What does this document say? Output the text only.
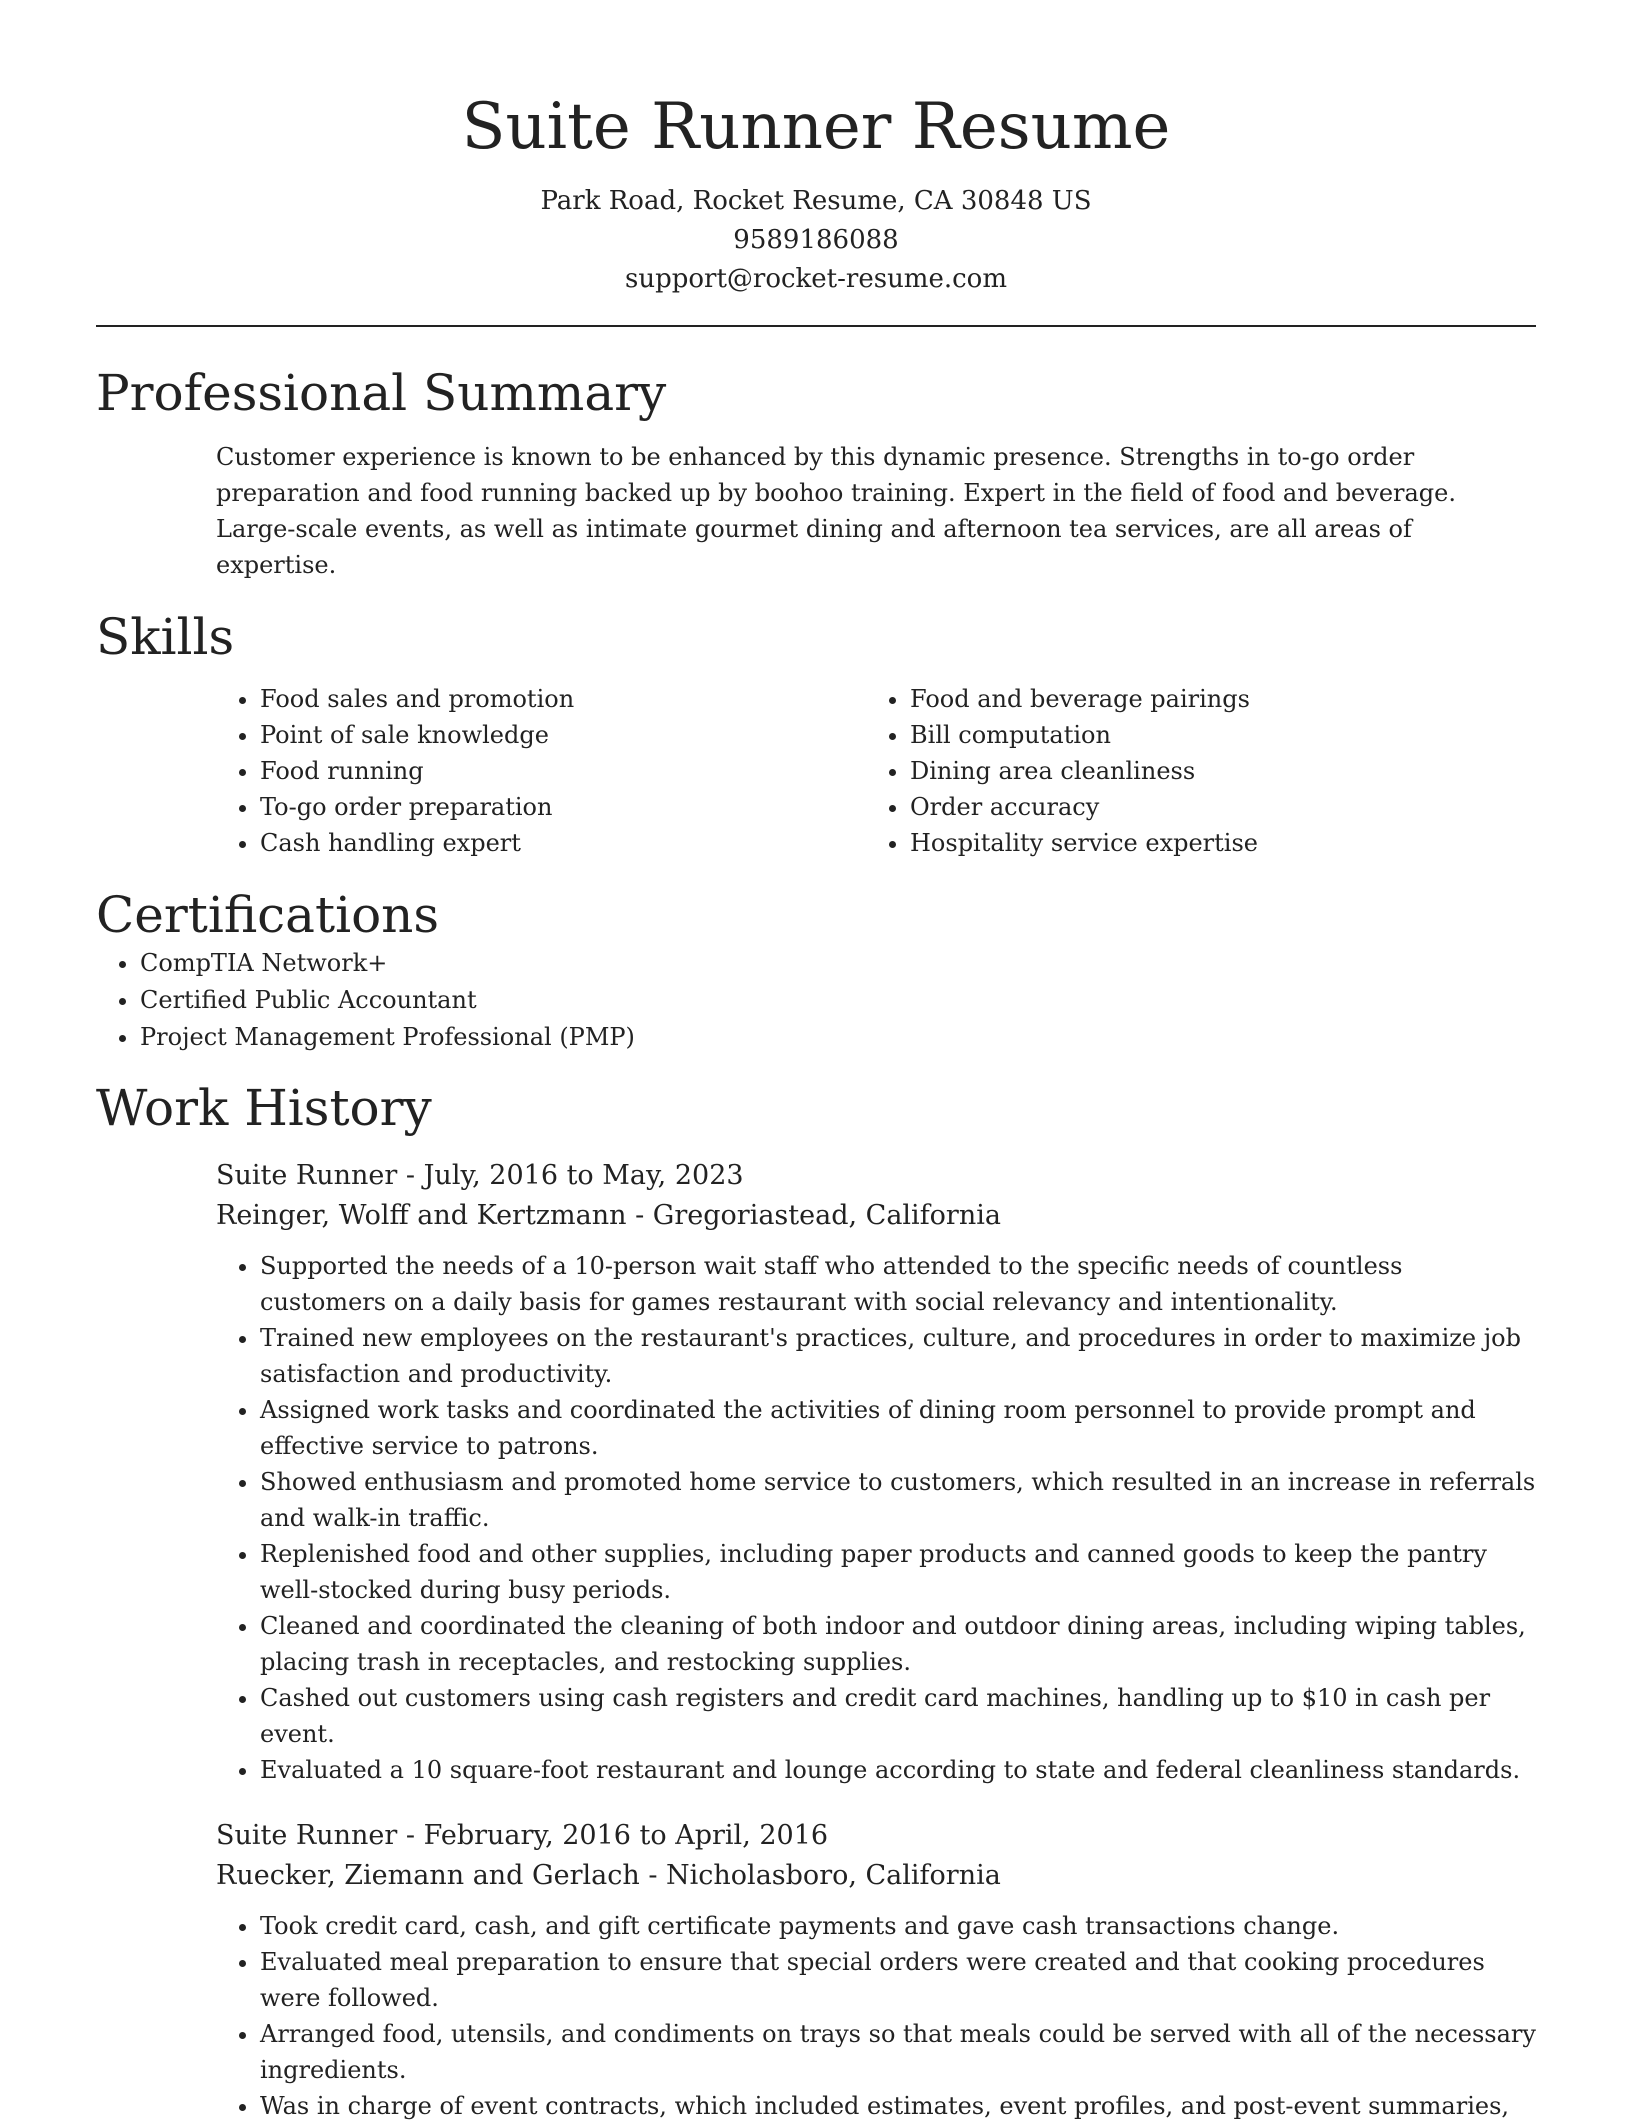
Suite Runner Resume
Park Road, Rocket Resume, CA 30848 US
9589186088
support@rocket-resume.com
Professional Summary

Customer experience is known to be enhanced by this dynamic presence. Strengths in to-go order preparation and food running backed up by boohoo training. Expert in the field of food and beverage. Large-scale events, as well as intimate gourmet dining and afternoon tea services, are all areas of expertise.

Skills
• Food sales and promotion
• Point of sale knowledge
• Food running
• To-go order preparation
• Cash handling expert
• Food and beverage pairings
• Bill computation
• Dining area cleanliness
• Order accuracy
• Hospitality service expertise
Certifications
• CompTIA Network+
• Certified Public Accountant
• Project Management Professional (PMP)
Work History
Suite Runner - July, 2016 to May, 2023
Reinger, Wolff and Kertzmann - Gregoriastead, California
• Supported the needs of a 10-person wait staff who attended to the specific needs of countless customers on a daily basis for games restaurant with social relevancy and intentionality.
• Trained new employees on the restaurant's practices, culture, and procedures in order to maximize job satisfaction and productivity.
• Assigned work tasks and coordinated the activities of dining room personnel to provide prompt and effective service to patrons.
• Showed enthusiasm and promoted home service to customers, which resulted in an increase in referrals and walk-in traffic.
• Replenished food and other supplies, including paper products and canned goods to keep the pantry well-stocked during busy periods.
• Cleaned and coordinated the cleaning of both indoor and outdoor dining areas, including wiping tables, placing trash in receptacles, and restocking supplies.
• Cashed out customers using cash registers and credit card machines, handling up to $10 in cash per event.
• Evaluated a 10 square-foot restaurant and lounge according to state and federal cleanliness standards.
Suite Runner - February, 2016 to April, 2016
Ruecker, Ziemann and Gerlach - Nicholasboro, California
• Took credit card, cash, and gift certificate payments and gave cash transactions change.
• Evaluated meal preparation to ensure that special orders were created and that cooking procedures were followed.
• Arranged food, utensils, and condiments on trays so that meals could be served with all of the necessary ingredients.
• Was in charge of event contracts, which included estimates, event profiles, and post-event summaries,
